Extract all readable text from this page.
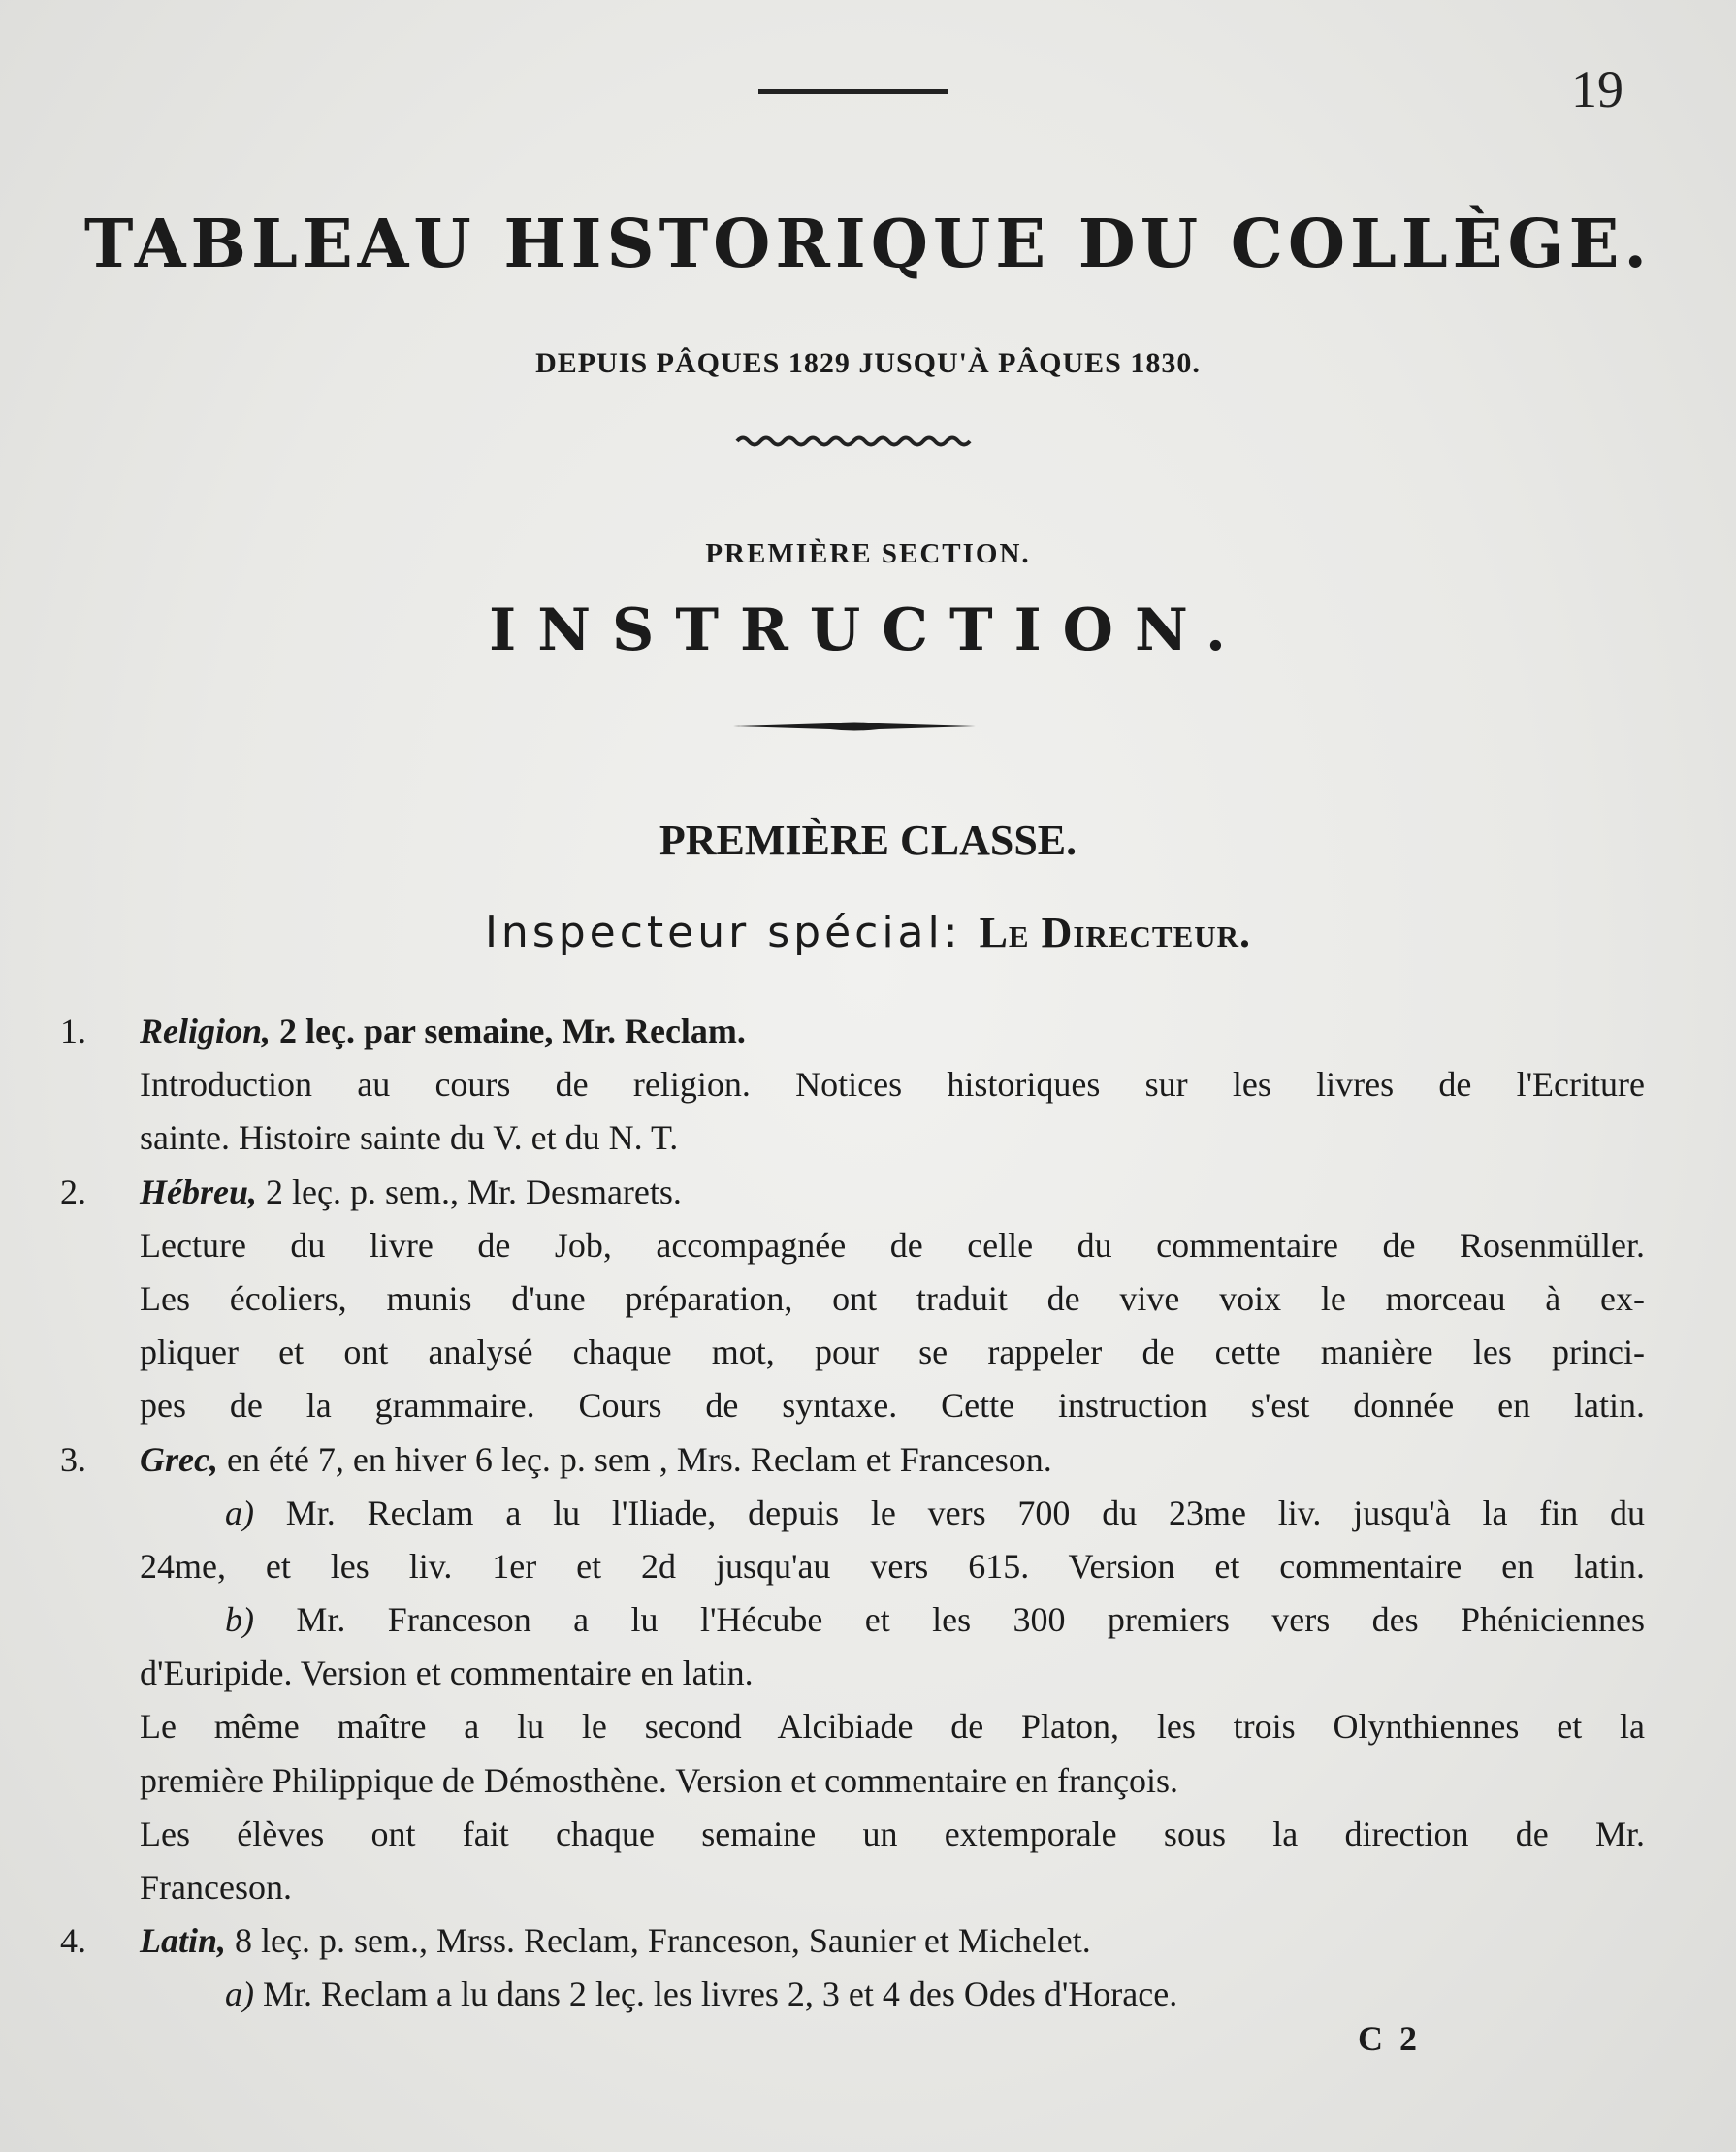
19
TABLEAU HISTORIQUE DU COLLÈGE.
DEPUIS PÂQUES 1829 JUSQU'À PÂQUES 1830.
PREMIÈRE SECTION.
INSTRUCTION.
PREMIÈRE CLASSE.
Inspecteur spécial: Le Directeur.
1. Religion, 2 leç. par semaine, Mr. Reclam.
Introduction au cours de religion. Notices historiques sur les livres de l'Ecriture
sainte. Histoire sainte du V. et du N. T.
2. Hébreu, 2 leç. p. sem., Mr. Desmarets.
Lecture du livre de Job, accompagnée de celle du commentaire de Rosenmüller.
Les écoliers, munis d'une préparation, ont traduit de vive voix le morceau à ex-
pliquer et ont analysé chaque mot, pour se rappeler de cette manière les princi-
pes de la grammaire. Cours de syntaxe. Cette instruction s'est donnée en latin.
3. Grec, en été 7, en hiver 6 leç. p. sem , Mrs. Reclam et Franceson.
a) Mr. Reclam a lu l'Iliade, depuis le vers 700 du 23me liv. jusqu'à la fin du
24me, et les liv. 1er et 2d jusqu'au vers 615. Version et commentaire en latin.
b) Mr. Franceson a lu l'Hécube et les 300 premiers vers des Phéniciennes
d'Euripide. Version et commentaire en latin.
Le même maître a lu le second Alcibiade de Platon, les trois Olynthiennes et la
première Philippique de Démosthène. Version et commentaire en françois.
Les élèves ont fait chaque semaine un extemporale sous la direction de Mr.
Franceson.
4. Latin, 8 leç. p. sem., Mrss. Reclam, Franceson, Saunier et Michelet.
a) Mr. Reclam a lu dans 2 leç. les livres 2, 3 et 4 des Odes d'Horace.
C 2
